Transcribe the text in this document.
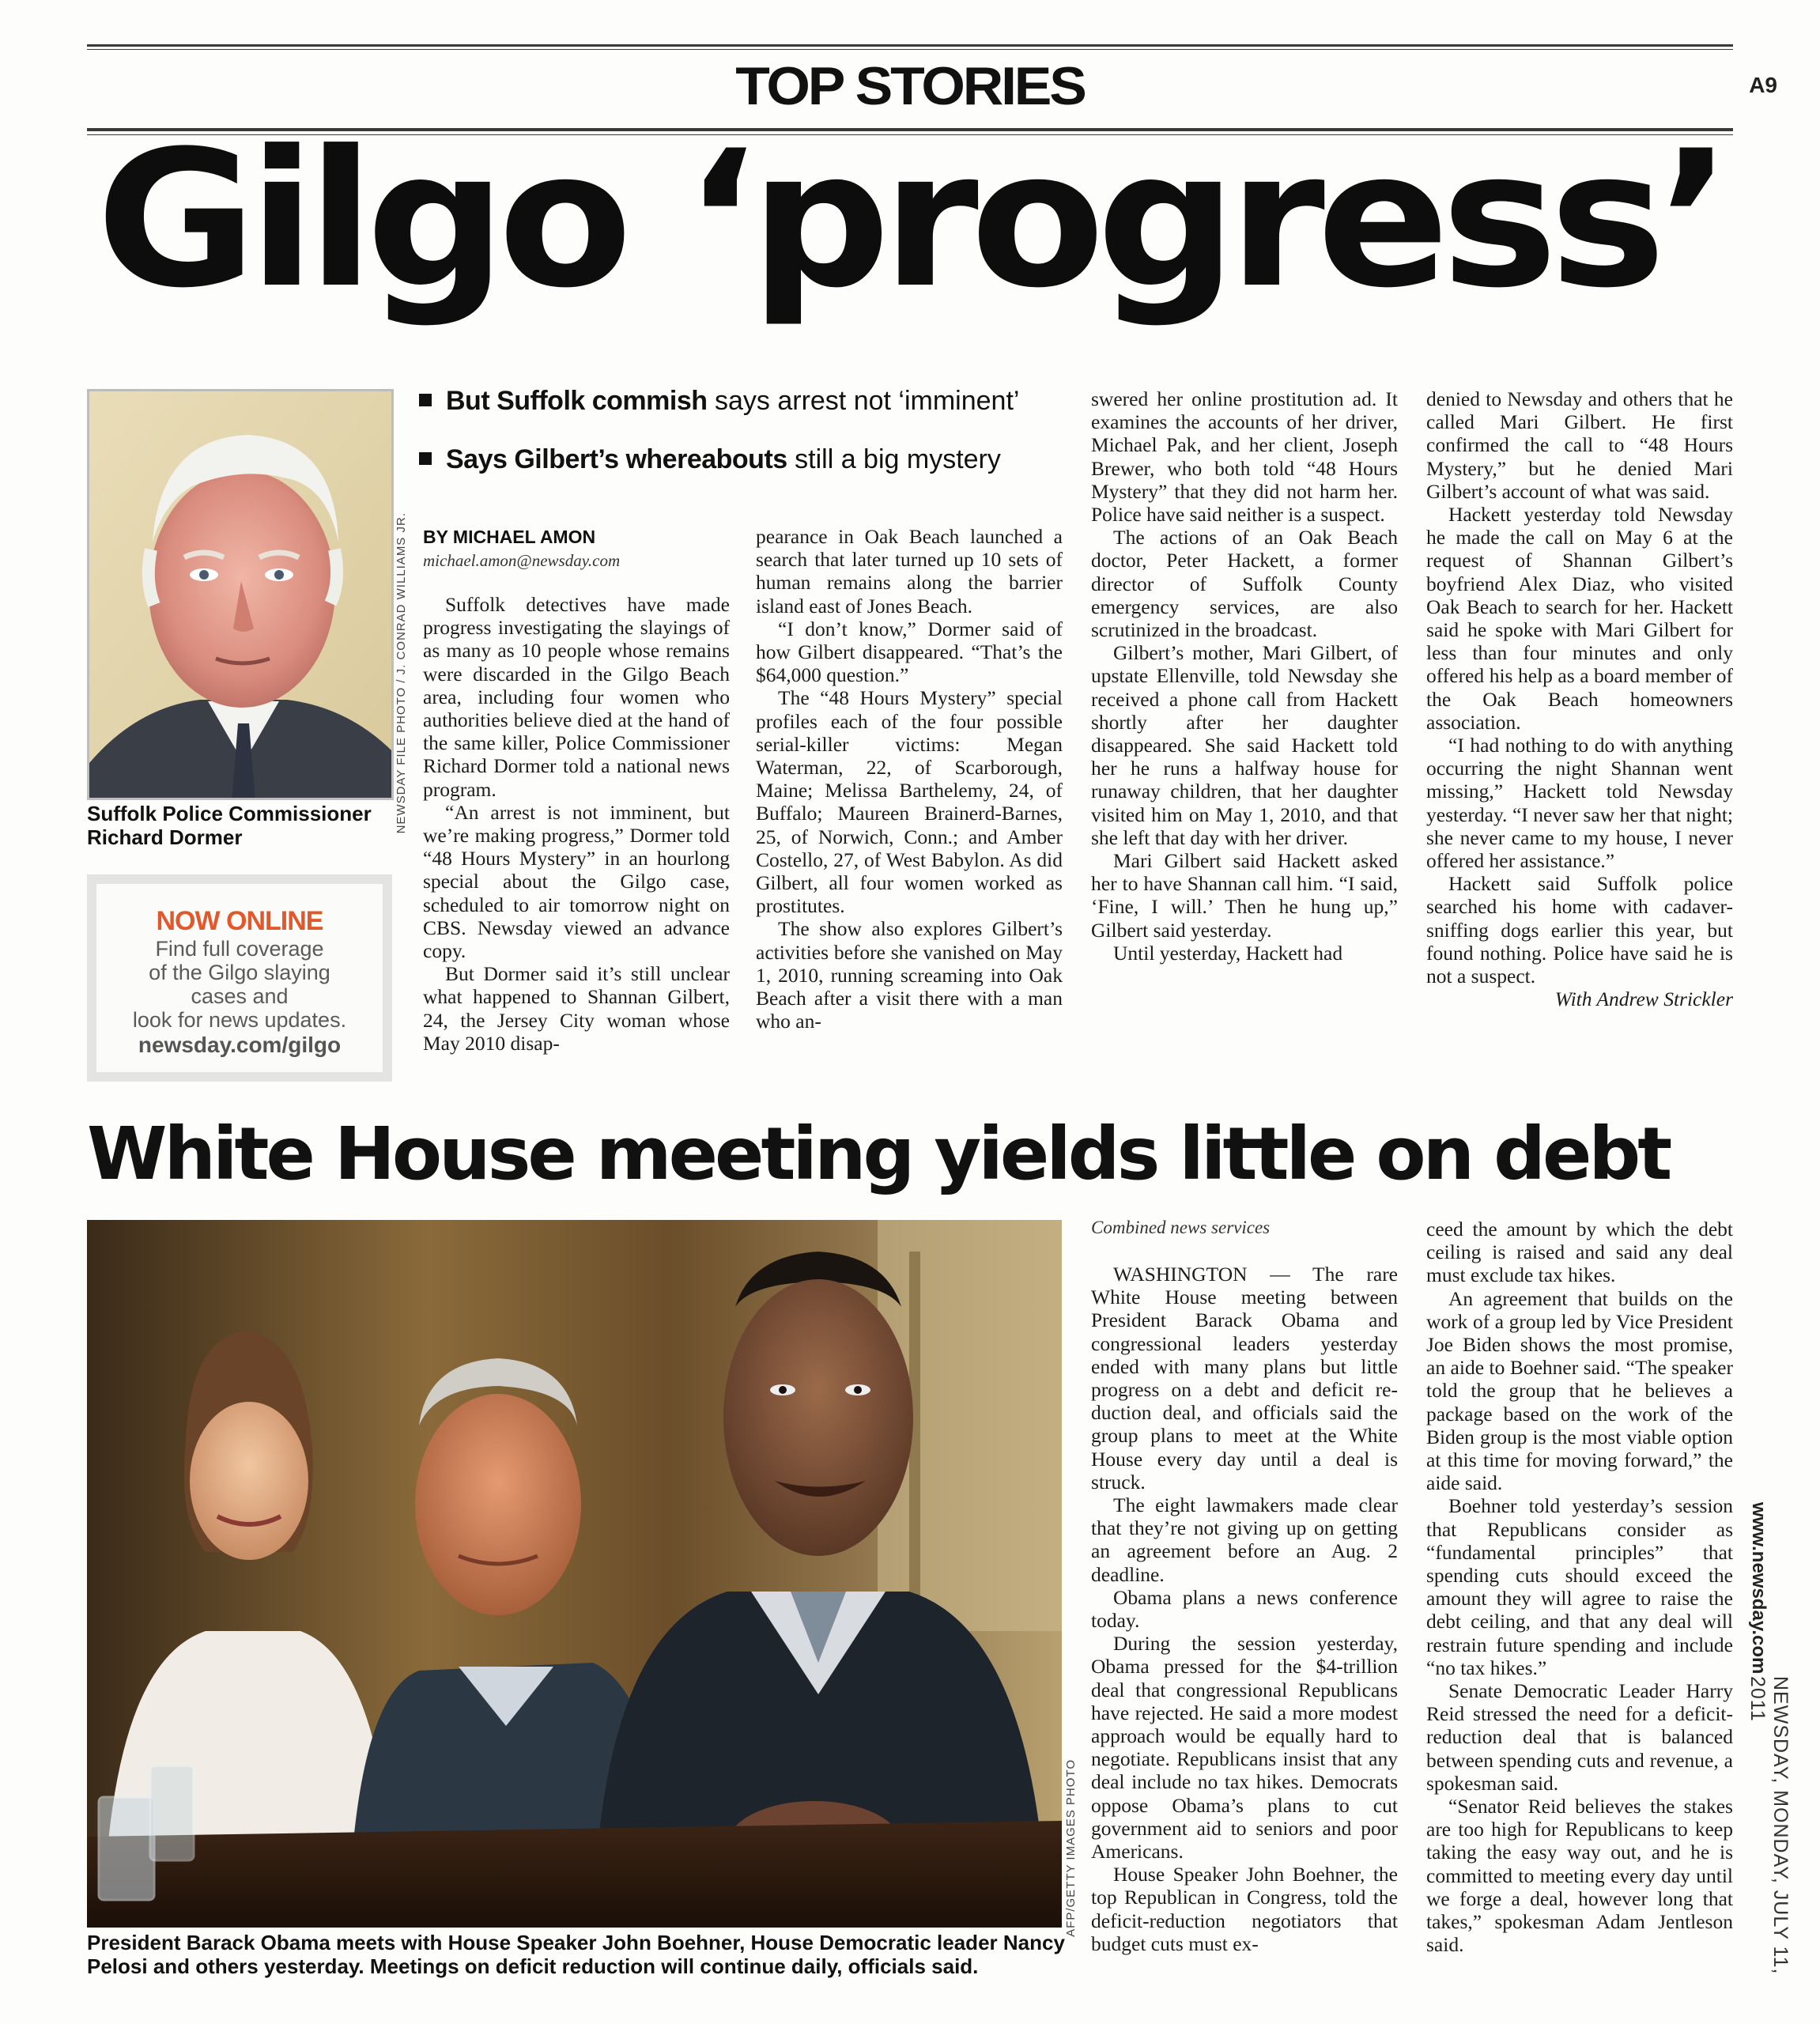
TOP STORIES	A9
Gilgo ‘progress’
NEWSDAY FILE PHOTO / J. CONRAD WILLIAMS JR.
Suffolk Police Commissioner Richard Dormer
But Suffolk commish says arrest not ‘imminent’
Says Gilbert’s whereabouts still a big mystery
BY MICHAEL AMON
michael.amon@newsday.com

Suffolk detectives have made progress investigating the slayings of as many as 10 people whose remains were discarded in the Gilgo Beach area, including four women who authorities believe died at the hand of the same killer, Police Commissioner Richard Dormer told a national news program.

“An arrest is not imminent, but we’re making progress,” Dormer told “48 Hours Mystery” in an hourlong special about the Gilgo case, scheduled to air tomorrow night on CBS. Newsday viewed an advance copy.

But Dormer said it’s still unclear what happened to Shannan Gilbert, 24, the Jersey City woman whose May 2010 disap-

pearance in Oak Beach launched a search that later turned up 10 sets of human remains along the barrier island east of Jones Beach.

“I don’t know,” Dormer said of how Gilbert disappeared. “That’s the $64,000 question.”

The “48 Hours Mystery” special profiles each of the four possible serial-killer victims: Megan Waterman, 22, of Scarborough, Maine; Melissa Barthelemy, 24, of Buffalo; Maureen Brainerd-Barnes, 25, of Norwich, Conn.; and Amber Costello, 27, of West Babylon. As did Gilbert, all four women worked as prostitutes.

The show also explores Gilbert’s activities before she vanished on May 1, 2010, running screaming into Oak Beach after a visit there with a man who an-

swered her online prostitution ad. It examines the accounts of her driver, Michael Pak, and her client, Joseph Brewer, who both told “48 Hours Mystery” that they did not harm her. Police have said neither is a suspect.

The actions of an Oak Beach doctor, Peter Hackett, a former director of Suffolk County emergency services, are also scrutinized in the broadcast.

Gilbert’s mother, Mari Gilbert, of upstate Ellenville, told Newsday she received a phone call from Hackett shortly after her daughter disappeared. She said Hackett told her he runs a halfway house for runaway children, that her daughter visited him on May 1, 2010, and that she left that day with her driver.

Mari Gilbert said Hackett asked her to have Shannan call him. “I said, ‘Fine, I will.’ Then he hung up,” Gilbert said yesterday.

Until yesterday, Hackett had

denied to Newsday and others that he called Mari Gilbert. He first confirmed the call to “48 Hours Mystery,” but he denied Mari Gilbert’s account of what was said.

Hackett yesterday told Newsday he made the call on May 6 at the request of Shannan Gilbert’s boyfriend Alex Diaz, who visited Oak Beach to search for her. Hackett said he spoke with Mari Gilbert for less than four minutes and only offered his help as a board member of the Oak Beach homeowners association.

“I had nothing to do with anything occurring the night Shannan went missing,” Hackett told Newsday yesterday. “I never saw her that night; she never came to my house, I never offered her assistance.”

Hackett said Suffolk police searched his home with cadaver-sniffing dogs earlier this year, but found nothing. Police have said he is not a suspect.

With Andrew Strickler

NOW ONLINE
Find full coverage
of the Gilgo slaying
cases and
look for news updates.
newsday.com/gilgo
White House meeting yields little on debt
AFP/GETTY IMAGES PHOTO
President Barack Obama meets with House Speaker John Boehner, House Democratic leader Nancy
Pelosi and others yesterday. Meetings on deficit reduction will continue daily, officials said.
Combined news services

WASHINGTON — The rare White House meeting between President Barack Obama and congressional leaders yesterday ended with many plans but little progress on a debt and deficit reduction deal, and officials said the group plans to meet at the White House every day until a deal is struck.

The eight lawmakers made clear that they’re not giving up on getting an agreement before an Aug. 2 deadline.

Obama plans a news conference today.

During the session yesterday, Obama pressed for the $4-trillion deal that congressional Republicans have rejected. He said a more modest approach would be equally hard to negotiate. Republicans insist that any deal include no tax hikes. Democrats oppose Obama’s plans to cut government aid to seniors and poor Americans.

House Speaker John Boehner, the top Republican in Congress, told the deficit-reduction negotiators that budget cuts must ex-

ceed the amount by which the debt ceiling is raised and said any deal must exclude tax hikes.

An agreement that builds on the work of a group led by Vice President Joe Biden shows the most promise, an aide to Boehner said. “The speaker told the group that he believes a package based on the work of the Biden group is the most viable option at this time for moving forward,” the aide said.

Boehner told yesterday’s session that Republicans consider as “fundamental principles” that spending cuts should exceed the amount they will agree to raise the debt ceiling, and that any deal will restrain future spending and include “no tax hikes.”

Senate Democratic Leader Harry Reid stressed the need for a deficit-reduction deal that is balanced between spending cuts and revenue, a spokesman said.

“Senator Reid believes the stakes are too high for Republicans to keep taking the easy way out, and he is committed to meeting every day until we forge a deal, however long that takes,” spokesman Adam Jentleson said.

www.newsday.com
NEWSDAY, MONDAY, JULY 11, 2011
